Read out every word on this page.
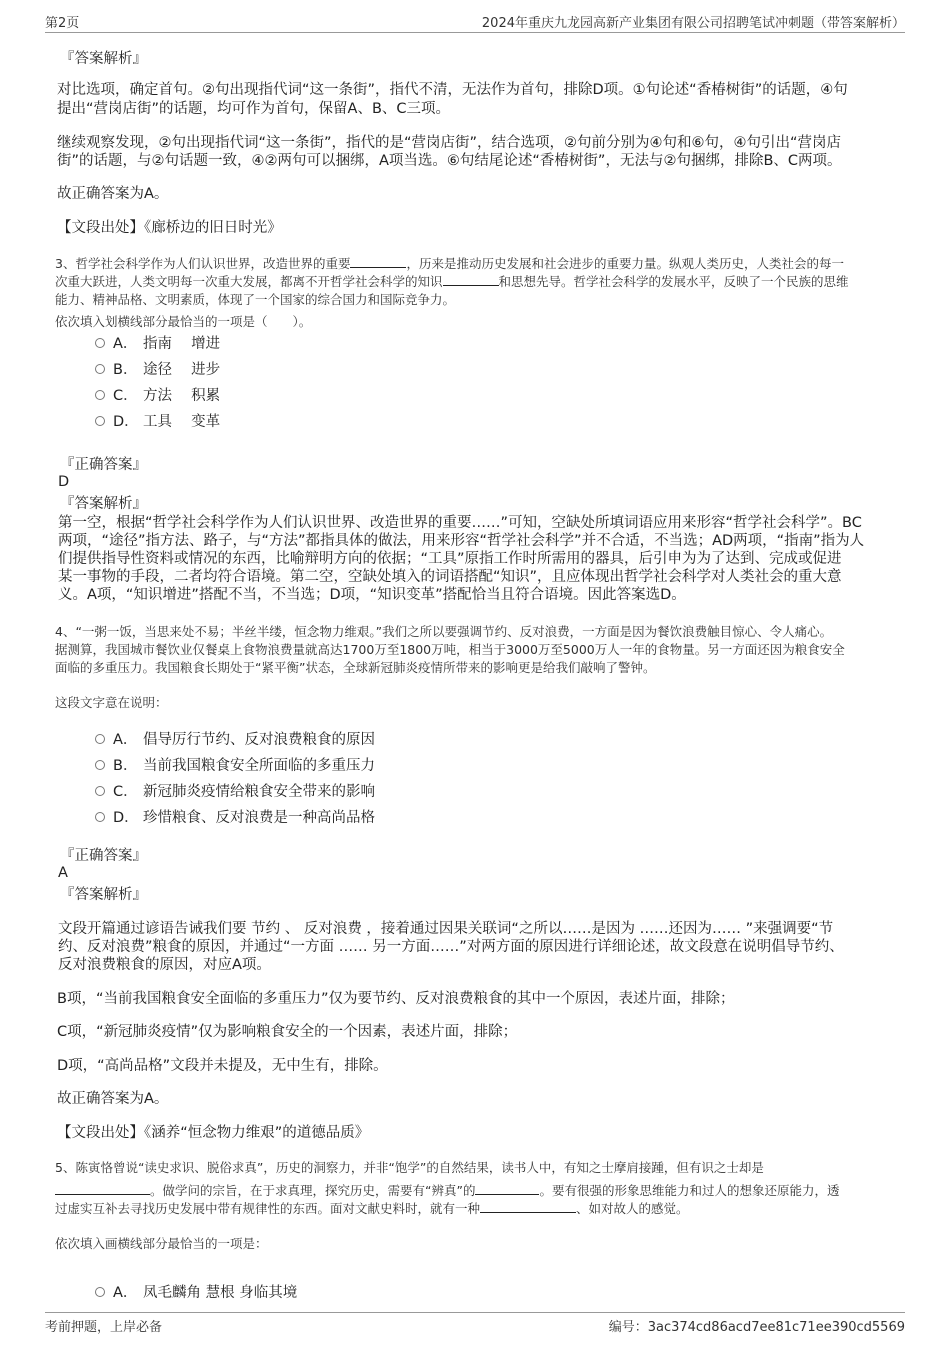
第2页	2024年重庆九龙园高新产业集团有限公司招聘笔试冲刺题（带答案解析）
『答案解析』
对比选项，确定首句。②句出现指代词“这一条街”，指代不清，无法作为首句，排除D项。①句论述“香椿树街”的话题，④句
提出“营岗店街”的话题，均可作为首句，保留A、B、C三项。
继续观察发现，②句出现指代词“这一条街”，指代的是“营岗店街”，结合选项，②句前分别为④句和⑥句，④句引出“营岗店
街”的话题，与②句话题一致，④②两句可以捆绑，A项当选。⑥句结尾论述“香椿树街”，无法与②句捆绑，排除B、C两项。
故正确答案为A。
【文段出处】《廊桥边的旧日时光》
3、哲学社会科学作为人们认识世界，改造世界的重要	，历来是推动历史发展和社会进步的重要力量。纵观人类历史，人类社会的每一
次重大跃进，人类文明每一次重大发展，都离不开哲学社会科学的知识	和思想先导。哲学社会科学的发展水平，反映了一个民族的思维
能力、精神品格、文明素质，体现了一个国家的综合国力和国际竞争力。
依次填入划横线部分最恰当的一项是（　　）。
A． 指南　 增进
B． 途径　 进步
C． 方法　 积累
D． 工具　 变革
『正确答案』
D
『答案解析』
第一空，根据“哲学社会科学作为人们认识世界、改造世界的重要……”可知，空缺处所填词语应用来形容“哲学社会科学”。BC
两项，“途径”指方法、路子，与“方法”都指具体的做法，用来形容“哲学社会科学”并不合适，不当选；AD两项，“指南”指为人
们提供指导性资料或情况的东西，比喻辩明方向的依据；“工具”原指工作时所需用的器具，后引申为为了达到、完成或促进
某一事物的手段，二者均符合语境。第二空，空缺处填入的词语搭配“知识”，且应体现出哲学社会科学对人类社会的重大意
义。A项，“知识增进”搭配不当，不当选；D项，“知识变革”搭配恰当且符合语境。因此答案选D。
4、“一粥一饭，当思来处不易；半丝半缕，恒念物力维艰。”我们之所以要强调节约、反对浪费，一方面是因为餐饮浪费触目惊心、令人痛心。
据测算，我国城市餐饮业仅餐桌上食物浪费量就高达1700万至1800万吨，相当于3000万至5000万人一年的食物量。另一方面还因为粮食安全
面临的多重压力。我国粮食长期处于“紧平衡”状态，全球新冠肺炎疫情所带来的影响更是给我们敲响了警钟。
这段文字意在说明：
A． 倡导厉行节约、反对浪费粮食的原因
B． 当前我国粮食安全所面临的多重压力
C． 新冠肺炎疫情给粮食安全带来的影响
D． 珍惜粮食、反对浪费是一种高尚品格
『正确答案』
A
『答案解析』
文段开篇通过谚语告诫我们要 节约 、 反对浪费 ，接着通过因果关联词“之所以……是因为 ……还因为…… ”来强调要“节
约、反对浪费”粮食的原因，并通过“一方面 …… 另一方面……”对两方面的原因进行详细论述，故文段意在说明倡导节约、
反对浪费粮食的原因，对应A项。
B项，“当前我国粮食安全面临的多重压力”仅为要节约、反对浪费粮食的其中一个原因，表述片面，排除；
C项，“新冠肺炎疫情”仅为影响粮食安全的一个因素，表述片面，排除；
D项，“高尚品格”文段并未提及，无中生有，排除。
故正确答案为A。
【文段出处】《涵养“恒念物力维艰”的道德品质》
5、陈寅恪曾说“读史求识、脱俗求真”，历史的洞察力，并非“饱学”的自然结果，读书人中，有知之士摩肩接踵，但有识之士却是
。做学问的宗旨，在于求真理，探究历史，需要有“辨真”的	。要有很强的形象思维能力和过人的想象还原能力，透
过虚实互补去寻找历史发展中带有规律性的东西。面对文献史料时，就有一种	、如对故人的感觉。
依次填入画横线部分最恰当的一项是：
A． 凤毛麟角 慧根 身临其境
考前押题，上岸必备	编号：3ac374cd86acd7ee81c71ee390cd5569
